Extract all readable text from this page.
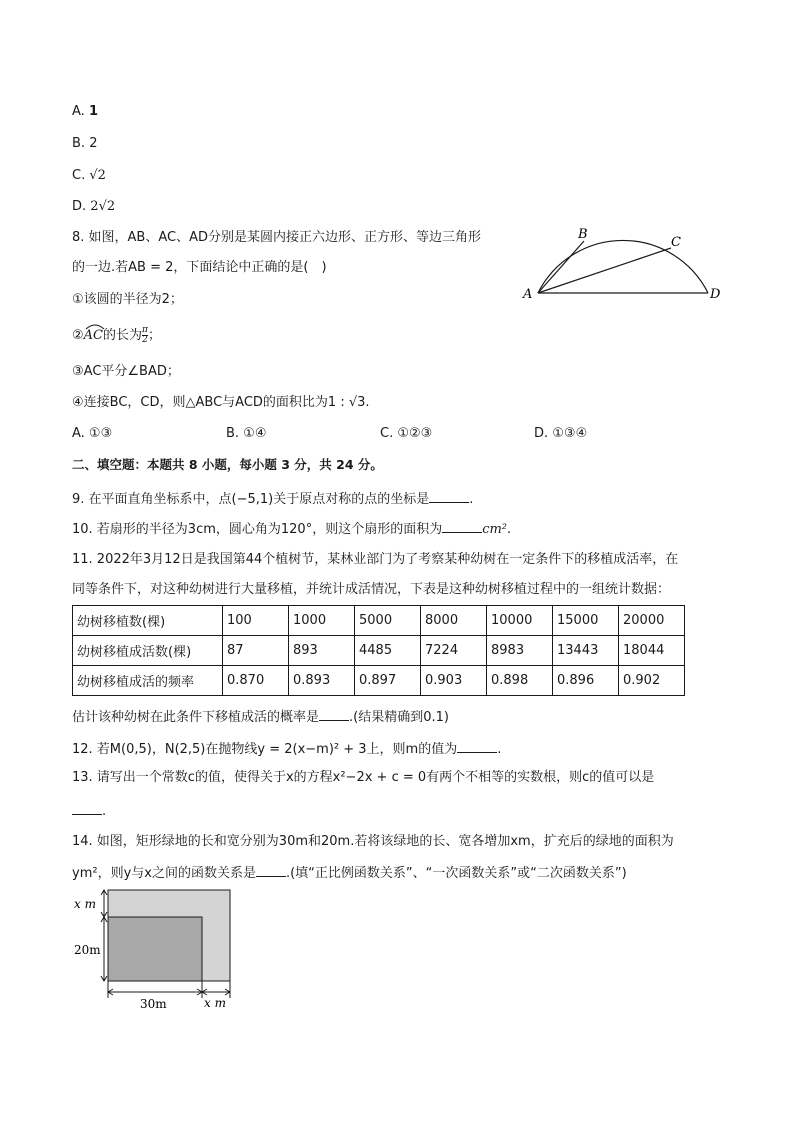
A. 1
B. 2
C. √2
D. 2√2
8. 如图，AB、AC、AD分别是某圆内接正六边形、正方形、等边三角形
的一边.若AB = 2，下面结论中正确的是(　)
①该圆的半径为2；
②
AC的长为 $\frac{\pi}{2}$ ；
③AC平分∠BAD；
④连接BC，CD，则△ABC与ACD的面积比为1 : √3.
A. ①③	B. ①④	C. ①②③	D. ①③④
B
C
A	D
二、填空题：本题共 8 小题，每小题 3 分，共 24 分。
9. 在平面直角坐标系中，点(−5,1)关于原点对称的点的坐标是	.
10. 若扇形的半径为3cm，圆心角为120°，则这个扇形的面积为	cm².
11. 2022年3月12日是我国第44个植树节，某林业部门为了考察某种幼树在一定条件下的移植成活率，在
同等条件下，对这种幼树进行大量移植，并统计成活情况，下表是这种幼树移植过程中的一组统计数据：
幼树移植数(棵)	100	1000	5000	8000	10000	15000	20000
幼树移植成活数(棵)	87	893	4485	7224	8983	13443	18044
幼树移植成活的频率	0.870	0.893	0.897	0.903	0.898	0.896	0.902
估计该种幼树在此条件下移植成活的概率是 .(结果精确到0.1)
12. 若M(0,5)，N(2,5)在抛物线y = 2(x−m)² + 3上，则m的值为	.
13. 请写出一个常数c的值，使得关于x的方程x²−2x + c = 0有两个不相等的实数根，则c的值可以是
.
14. 如图，矩形绿地的长和宽分别为30m和20m.若将该绿地的长、宽各增加xm，扩充后的绿地的面积为
ym²，则y与x之间的函数关系是 .(填“正比例函数关系”、“一次函数关系”或“二次函数关系”)
x m
20m
30m	x m
